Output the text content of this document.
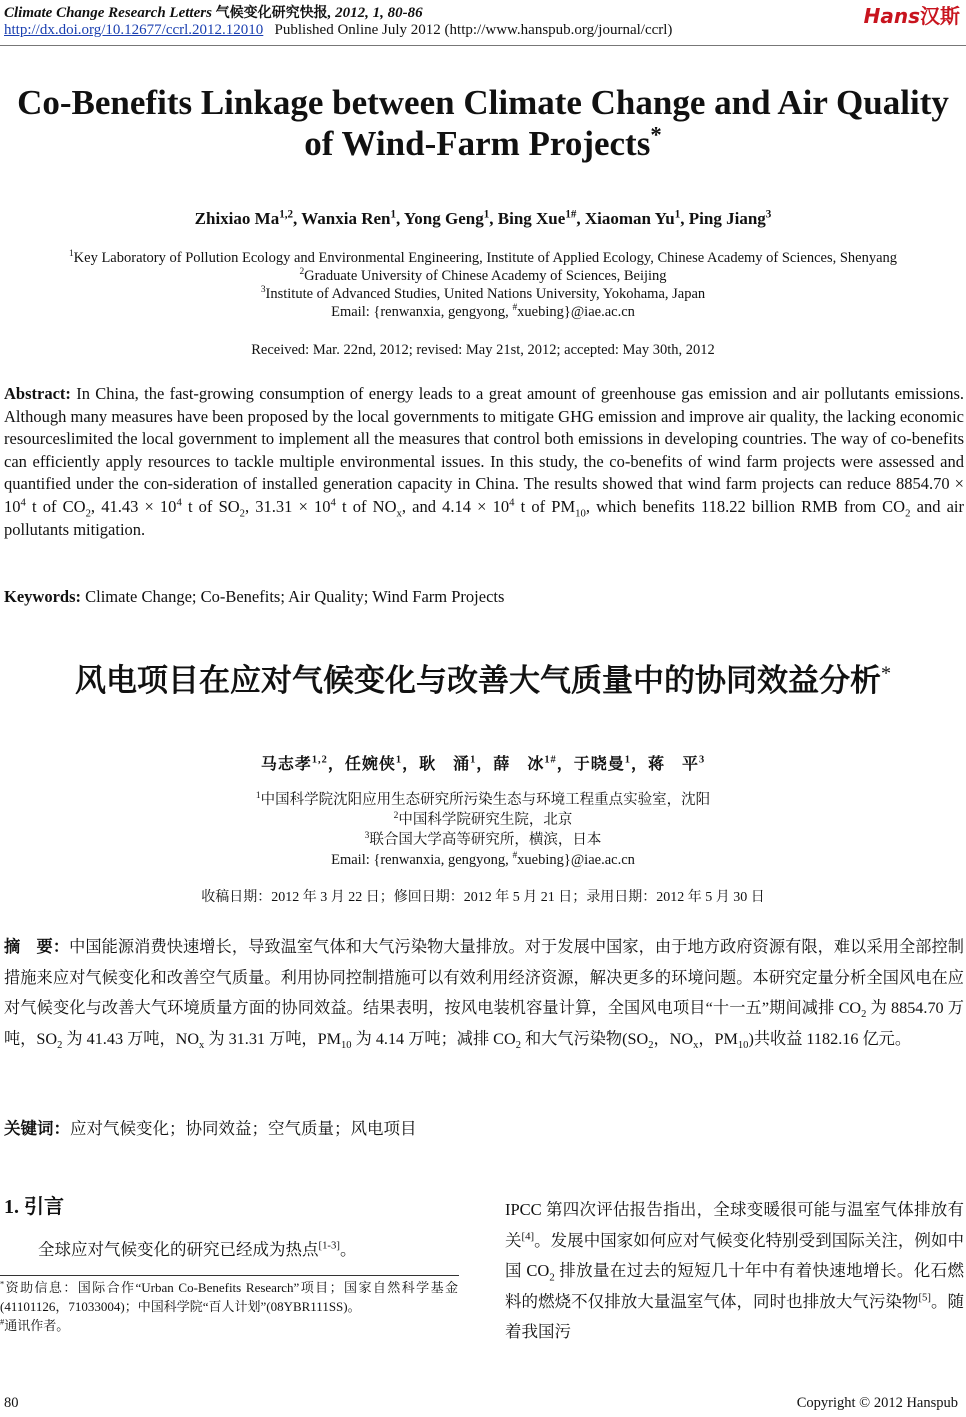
Climate Change Research Letters 气候变化研究快报, 2012, 1, 80-86
http://dx.doi.org/10.12677/ccrl.2012.12010 Published Online July 2012 (http://www.hanspub.org/journal/ccrl)
Hans汉斯
Co-Benefits Linkage between Climate Change and Air Quality
of Wind-Farm Projects*
Zhixiao Ma$^{1,2}$, Wanxia Ren$^1$, Yong Geng$^1$, Bing Xue$^{1\#}$, Xiaoman Yu$^1$, Ping Jiang$^3$
$^1$Key Laboratory of Pollution Ecology and Environmental Engineering, Institute of Applied Ecology, Chinese Academy of Sciences, Shenyang
$^2$Graduate University of Chinese Academy of Sciences, Beijing
$^3$Institute of Advanced Studies, United Nations University, Yokohama, Japan
Email: {renwanxia, gengyong, #xuebing}@iae.ac.cn
Received: Mar. 22nd, 2012; revised: May 21st, 2012; accepted: May 30th, 2012
Abstract: In China, the fast-growing consumption of energy leads to a great amount of greenhouse gas emission and air pollutants emissions. Although many measures have been proposed by the local governments to mitigate GHG emission and improve air quality, the lacking economic resourceslimited the local government to implement all the measures that control both emissions in developing countries. The way of co-benefits can efficiently apply resources to tackle multiple environmental issues. In this study, the co-benefits of wind farm projects were assessed and quantified under the con-sideration of installed generation capacity in China. The results showed that wind farm projects can reduce $8854.70 \times 10^4$ t of $CO_2$, $41.43 \times 10^4$ t of $SO_2$, $31.31 \times 10^4$ t of $NO_x$, and $4.14 \times 10^4$ t of $PM_{10}$, which benefits 118.22 billion RMB from $CO_2$ and air pollutants mitigation.
Keywords: Climate Change; Co-Benefits; Air Quality; Wind Farm Projects
风电项目在应对气候变化与改善大气质量中的协同效益分析*
马志孝$^{1,2}$，任婉侠$^1$，耿　涌$^1$，薛　冰$^{1\#}$，于晓曼$^1$，蒋　平$^3$
$^1$中国科学院沈阳应用生态研究所污染生态与环境工程重点实验室，沈阳
$^2$中国科学院研究生院，北京
$^3$联合国大学高等研究所，横滨，日本
Email: {renwanxia, gengyong, #xuebing}@iae.ac.cn
收稿日期：2012 年 3 月 22 日；修回日期：2012 年 5 月 21 日；录用日期：2012 年 5 月 30 日
摘　要：中国能源消费快速增长，导致温室气体和大气污染物大量排放。对于发展中国家，由于地方政府资源有限，难以采用全部控制措施来应对气候变化和改善空气质量。利用协同控制措施可以有效利用经济资源，解决更多的环境问题。本研究定量分析全国风电在应对气候变化与改善大气环境质量方面的协同效益。结果表明，按风电装机容量计算，全国风电项目“十一五”期间减排 $CO_2$ 为 8854.70 万吨，$SO_2$ 为 41.43 万吨，$NO_x$ 为 31.31 万吨，$PM_{10}$ 为 4.14 万吨；减排 $CO_2$ 和大气污染物($SO_2$，$NO_x$，$PM_{10}$)共收益 1182.16 亿元。
关键词：应对气候变化；协同效益；空气质量；风电项目
1. 引言
全球应对气候变化的研究已经成为热点[1-3]。
*资助信息：国际合作“Urban Co-Benefits Research”项目；国家自然科学基金(41101126，71033004)；中国科学院“百人计划”(08YBR111SS)。
#通讯作者。
IPCC 第四次评估报告指出，全球变暖很可能与温室气体排放有关[4]。发展中国家如何应对气候变化特别受到国际关注，例如中国 $CO_2$ 排放量在过去的短短几十年中有着快速地增长。化石燃料的燃烧不仅排放大量温室气体，同时也排放大气污染物[5]。随着我国污
80	Copyright © 2012 Hanspub
